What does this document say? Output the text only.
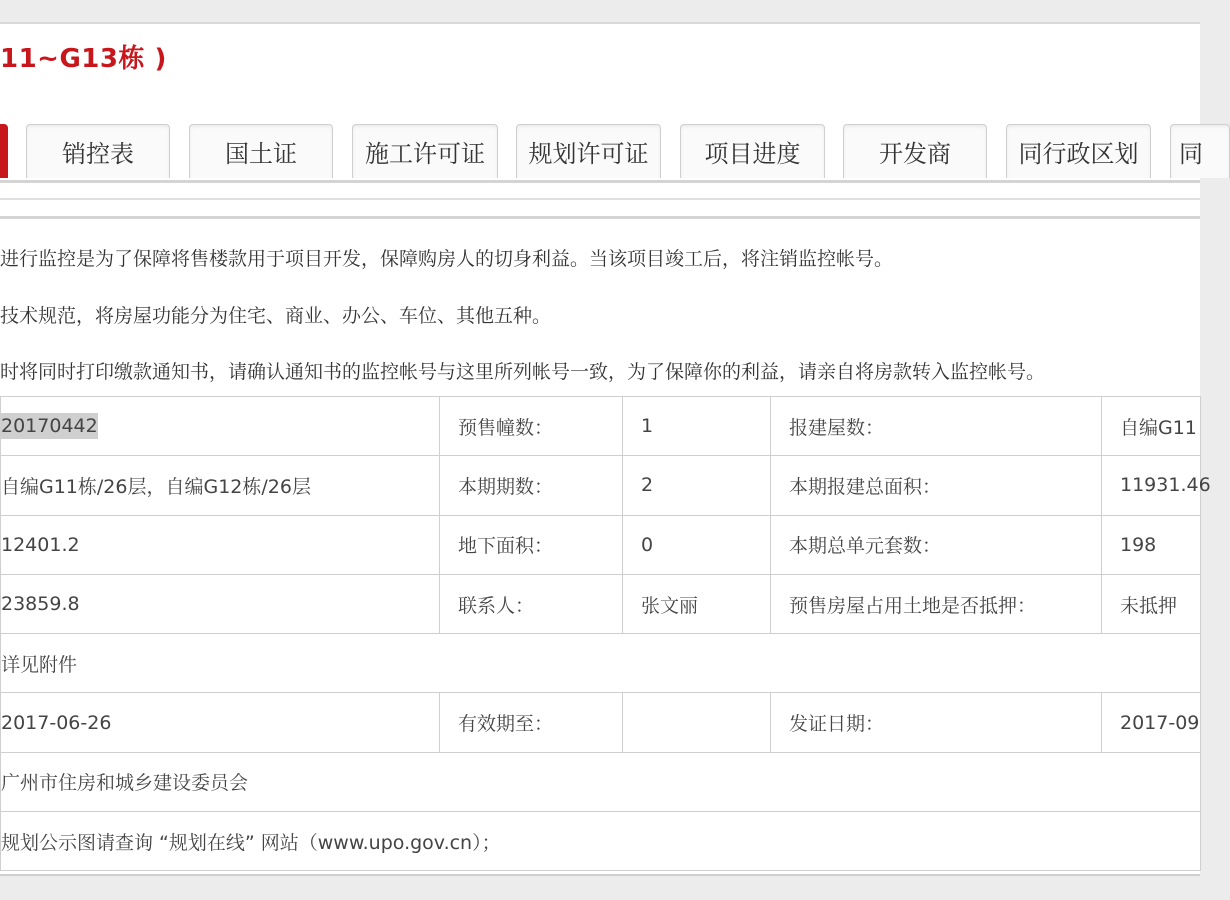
11~G13栋 )
销控表	国土证	施工许可证	规划许可证	项目进度	开发商	同行政区划	同
进行监控是为了保障将售楼款用于项目开发，保障购房人的切身利益。当该项目竣工后，将注销监控帐号。
技术规范，将房屋功能分为住宅、商业、办公、车位、其他五种。
时将同时打印缴款通知书，请确认通知书的监控帐号与这里所列帐号一致，为了保障你的利益，请亲自将房款转入监控帐号。
20170442	预售幢数：	1	报建屋数：	自编G11
自编G11栋/26层，自编G12栋/26层	本期期数：	2	本期报建总面积：	11931.46
12401.2	地下面积：	0	本期总单元套数：	198
23859.8	联系人：	张文丽	预售房屋占用土地是否抵押：	未抵押
详见附件				
2017-06-26	有效期至：		发证日期：	2017-09
广州市住房和城乡建设委员会				
规划公示图请查询 “规划在线” 网站（www.upo.gov.cn）；				
